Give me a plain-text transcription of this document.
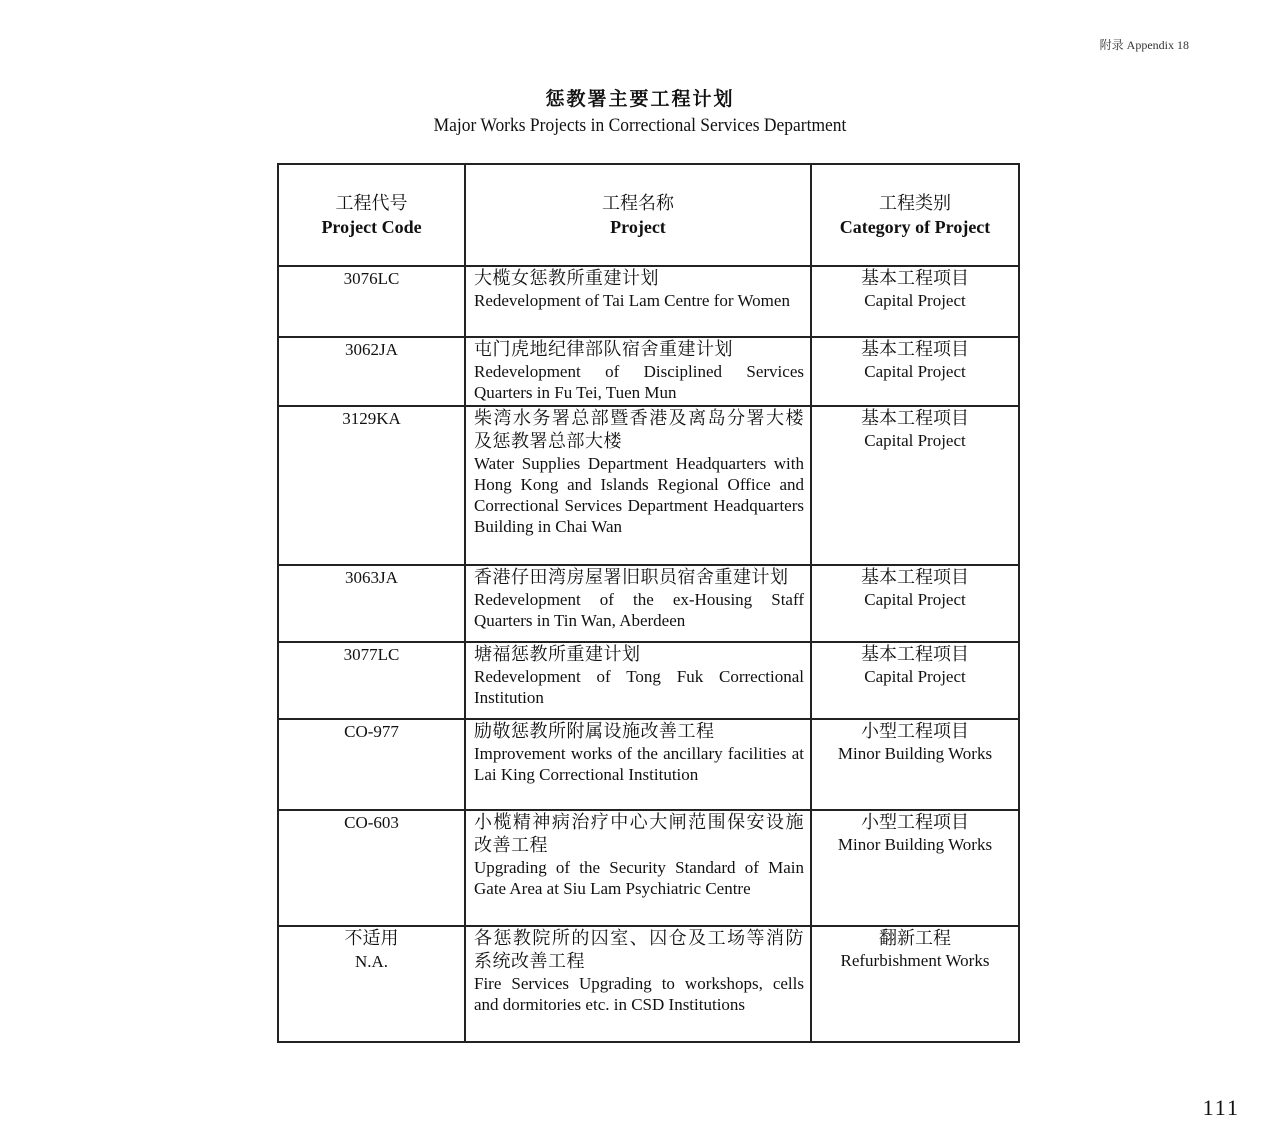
附录 Appendix 18
惩教署主要工程计划
Major Works Projects in Correctional Services Department
工程代号
Project Code	工程名称
Project	工程类别
Category of Project

3076LC	大榄女惩教所重建计划
Redevelopment of Tai Lam Centre for Women	基本工程项目
Capital Project

3062JA	屯门虎地纪律部队宿舍重建计划
Redevelopment of Disciplined Services Quarters in Fu Tei, Tuen Mun	基本工程项目
Capital Project

3129KA	柴湾水务署总部暨香港及离岛分署大楼及惩教署总部大楼
Water Supplies Department Headquarters with Hong Kong and Islands Regional Office and Correctional Services Department Headquarters Building in Chai Wan	基本工程项目
Capital Project

3063JA	香港仔田湾房屋署旧职员宿舍重建计划
Redevelopment of the ex-Housing Staff Quarters in Tin Wan, Aberdeen	基本工程项目
Capital Project

3077LC	塘福惩教所重建计划
Redevelopment of Tong Fuk Correctional Institution	基本工程项目
Capital Project

CO-977	励敬惩教所附属设施改善工程
Improvement works of the ancillary facilities at Lai King Correctional Institution	小型工程项目
Minor Building Works

CO-603	小榄精神病治疗中心大闸范围保安设施改善工程
Upgrading of the Security Standard of Main Gate Area at Siu Lam Psychiatric Centre	小型工程项目
Minor Building Works

不适用
N.A.	各惩教院所的囚室、囚仓及工场等消防系统改善工程
Fire Services Upgrading to workshops, cells and dormitories etc. in CSD Institutions	翻新工程
Refurbishment Works
111
